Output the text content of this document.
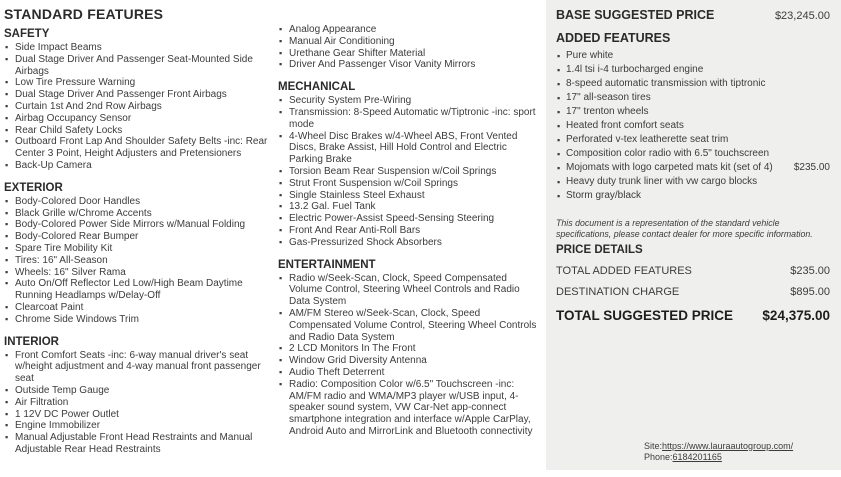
STANDARD FEATURES
SAFETY
▪ Side Impact Beams
▪ Dual Stage Driver And Passenger Seat-Mounted Side Airbags
▪ Low Tire Pressure Warning
▪ Dual Stage Driver And Passenger Front Airbags
▪ Curtain 1st And 2nd Row Airbags
▪ Airbag Occupancy Sensor
▪ Rear Child Safety Locks
▪ Outboard Front Lap And Shoulder Safety Belts -inc: Rear Center 3 Point, Height Adjusters and Pretensioners
▪ Back-Up Camera
EXTERIOR
▪ Body-Colored Door Handles
▪ Black Grille w/Chrome Accents
▪ Body-Colored Power Side Mirrors w/Manual Folding
▪ Body-Colored Rear Bumper
▪ Spare Tire Mobility Kit
▪ Tires: 16" All-Season
▪ Wheels: 16" Silver Rama
▪ Auto On/Off Reflector Led Low/High Beam Daytime Running Headlamps w/Delay-Off
▪ Clearcoat Paint
▪ Chrome Side Windows Trim
INTERIOR
▪ Front Comfort Seats -inc: 6-way manual driver's seat w/height adjustment and 4-way manual front passenger seat
▪ Outside Temp Gauge
▪ Air Filtration
▪ 1 12V DC Power Outlet
▪ Engine Immobilizer
▪ Manual Adjustable Front Head Restraints and Manual Adjustable Rear Head Restraints
▪ Analog Appearance
▪ Manual Air Conditioning
▪ Urethane Gear Shifter Material
▪ Driver And Passenger Visor Vanity Mirrors
MECHANICAL
▪ Security System Pre-Wiring
▪ Transmission: 8-Speed Automatic w/Tiptronic -inc: sport mode
▪ 4-Wheel Disc Brakes w/4-Wheel ABS, Front Vented Discs, Brake Assist, Hill Hold Control and Electric Parking Brake
▪ Torsion Beam Rear Suspension w/Coil Springs
▪ Strut Front Suspension w/Coil Springs
▪ Single Stainless Steel Exhaust
▪ 13.2 Gal. Fuel Tank
▪ Electric Power-Assist Speed-Sensing Steering
▪ Front And Rear Anti-Roll Bars
▪ Gas-Pressurized Shock Absorbers
ENTERTAINMENT
▪ Radio w/Seek-Scan, Clock, Speed Compensated Volume Control, Steering Wheel Controls and Radio Data System
▪ AM/FM Stereo w/Seek-Scan, Clock, Speed Compensated Volume Control, Steering Wheel Controls and Radio Data System
▪ 2 LCD Monitors In The Front
▪ Window Grid Diversity Antenna
▪ Audio Theft Deterrent
▪ Radio: Composition Color w/6.5" Touchscreen -inc: AM/FM radio and WMA/MP3 player w/USB input, 4-speaker sound system, VW Car-Net app-connect smartphone integration and interface w/Apple CarPlay, Android Auto and MirrorLink and Bluetooth connectivity
BASE SUGGESTED PRICE	$23,245.00
ADDED FEATURES
▪ Pure white
▪ 1.4l tsi i-4 turbocharged engine
▪ 8-speed automatic transmission with tiptronic
▪ 17" all-season tires
▪ 17" trenton wheels
▪ Heated front comfort seats
▪ Perforated v-tex leatherette seat trim
▪ Composition color radio with 6.5" touchscreen
▪ Mojomats with logo carpeted mats kit (set of 4) $235.00
▪ Heavy duty trunk liner with vw cargo blocks
▪ Storm gray/black

This document is a representation of the standard vehicle specifications, please contact dealer for more specific information.

PRICE DETAILS
TOTAL ADDED FEATURES	$235.00
DESTINATION CHARGE	$895.00
TOTAL SUGGESTED PRICE $24,375.00
Site:https://www.lauraautogroup.com/
Phone:6184201165
